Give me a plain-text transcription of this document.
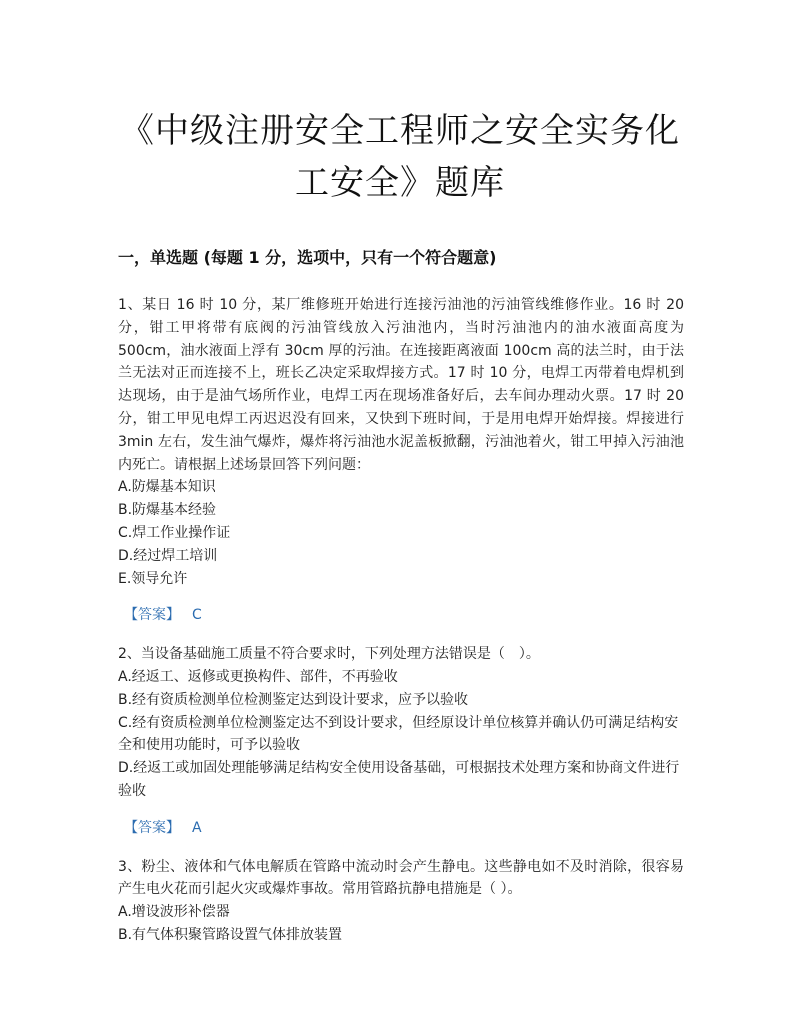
《中级注册安全工程师之安全实务化
工安全》题库
一，单选题 (每题 1 分，选项中，只有一个符合题意)

1、某日 16 时 10 分，某厂维修班开始进行连接污油池的污油管线维修作业。16 时 20 分，钳工甲将带有底阀的污油管线放入污油池内，当时污油池内的油水液面高度为 500cm，油水液面上浮有 30cm 厚的污油。在连接距离液面 100cm 高的法兰时，由于法兰无法对正而连接不上，班长乙决定采取焊接方式。17 时 10 分，电焊工丙带着电焊机到达现场，由于是油气场所作业，电焊工丙在现场准备好后，去车间办理动火票。17 时 20 分，钳工甲见电焊工丙迟迟没有回来，又快到下班时间，于是用电焊开始焊接。焊接进行 3min 左右，发生油气爆炸，爆炸将污油池水泥盖板掀翻，污油池着火，钳工甲掉入污油池内死亡。请根据上述场景回答下列问题：

A.防爆基本知识

B.防爆基本经验

C.焊工作业操作证

D.经过焊工培训

E.领导允许

【答案】 C

2、当设备基础施工质量不符合要求时，下列处理方法错误是（　）。

A.经返工、返修或更换构件、部件，不再验收

B.经有资质检测单位检测鉴定达到设计要求，应予以验收

C.经有资质检测单位检测鉴定达不到设计要求，但经原设计单位核算并确认仍可满足结构安全和使用功能时，可予以验收

D.经返工或加固处理能够满足结构安全使用设备基础，可根据技术处理方案和协商文件进行验收

【答案】 A

3、粉尘、液体和气体电解质在管路中流动时会产生静电。这些静电如不及时消除，很容易产生电火花而引起火灾或爆炸事故。常用管路抗静电措施是（ ）。

A.增设波形补偿器

B.有气体积聚管路设置气体排放装置
